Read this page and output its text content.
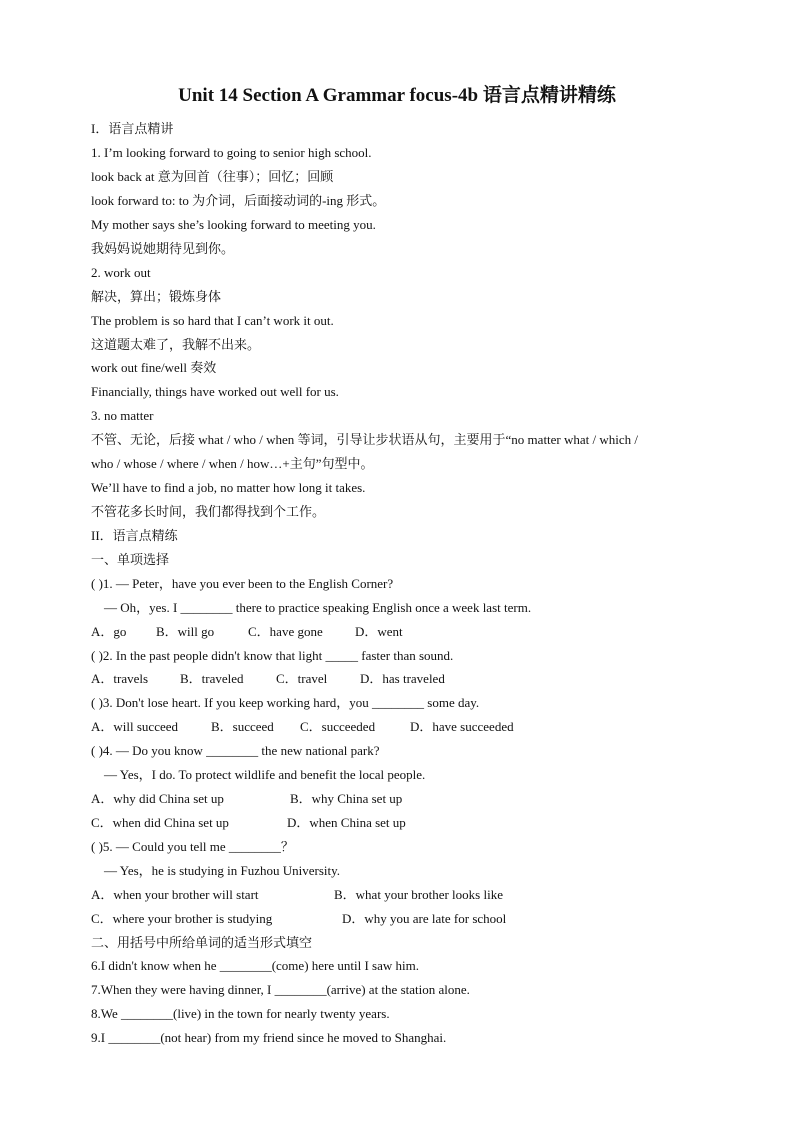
Unit 14 Section A Grammar focus-4b 语言点精讲精练
I．语言点精讲
1. I’m looking forward to going to senior high school.
look back at 意为回首（往事）；回忆；回顾
look forward to: to 为介词，后面接动词的-ing 形式。
My mother says she’s looking forward to meeting you.
我妈妈说她期待见到你。
2. work out
解决，算出；锻炼身体
The problem is so hard that I can’t work it out.
这道题太难了，我解不出来。
work out fine/well 奏效
Financially, things have worked out well for us.
3. no matter
不管、无论，后接 what / who / when 等词，引导让步状语从句，主要用于“no matter what / which /
who / whose / where / when / how…+主句”句型中。
We’ll have to find a job, no matter how long it takes.
不管花多长时间，我们都得找到个工作。
II．语言点精练
一、单项选择
( )1. — Peter，have you ever been to the English Corner?
— Oh，yes. I ________ there to practice speaking English once a week last term.
A．go B．will go	C．have gone D．went
( )2. In the past people didn't know that light _____ faster than sound.
A．travels B．traveled C．travel	D．has traveled
( )3. Don't lose heart. If you keep working hard，you ________ some day.
A．will succeed	B．succeed C．succeeded	D．have succeeded
( )4. — Do you know ________ the new national park?
— Yes，I do. To protect wildlife and benefit the local people.
A．why did China set up	B．why China set up
C．when did China set up	D．when China set up
( )5. — Could you tell me ________？
— Yes，he is studying in Fuzhou University.
A．when your brother will start	B．what your brother looks like
C．where your brother is studying	D．why you are late for school
二、用括号中所给单词的适当形式填空
6.I didn't know when he ________(come) here until I saw him.
7.When they were having dinner, I ________(arrive) at the station alone.
8.We ________(live) in the town for nearly twenty years.
9.I ________(not hear) from my friend since he moved to Shanghai.
